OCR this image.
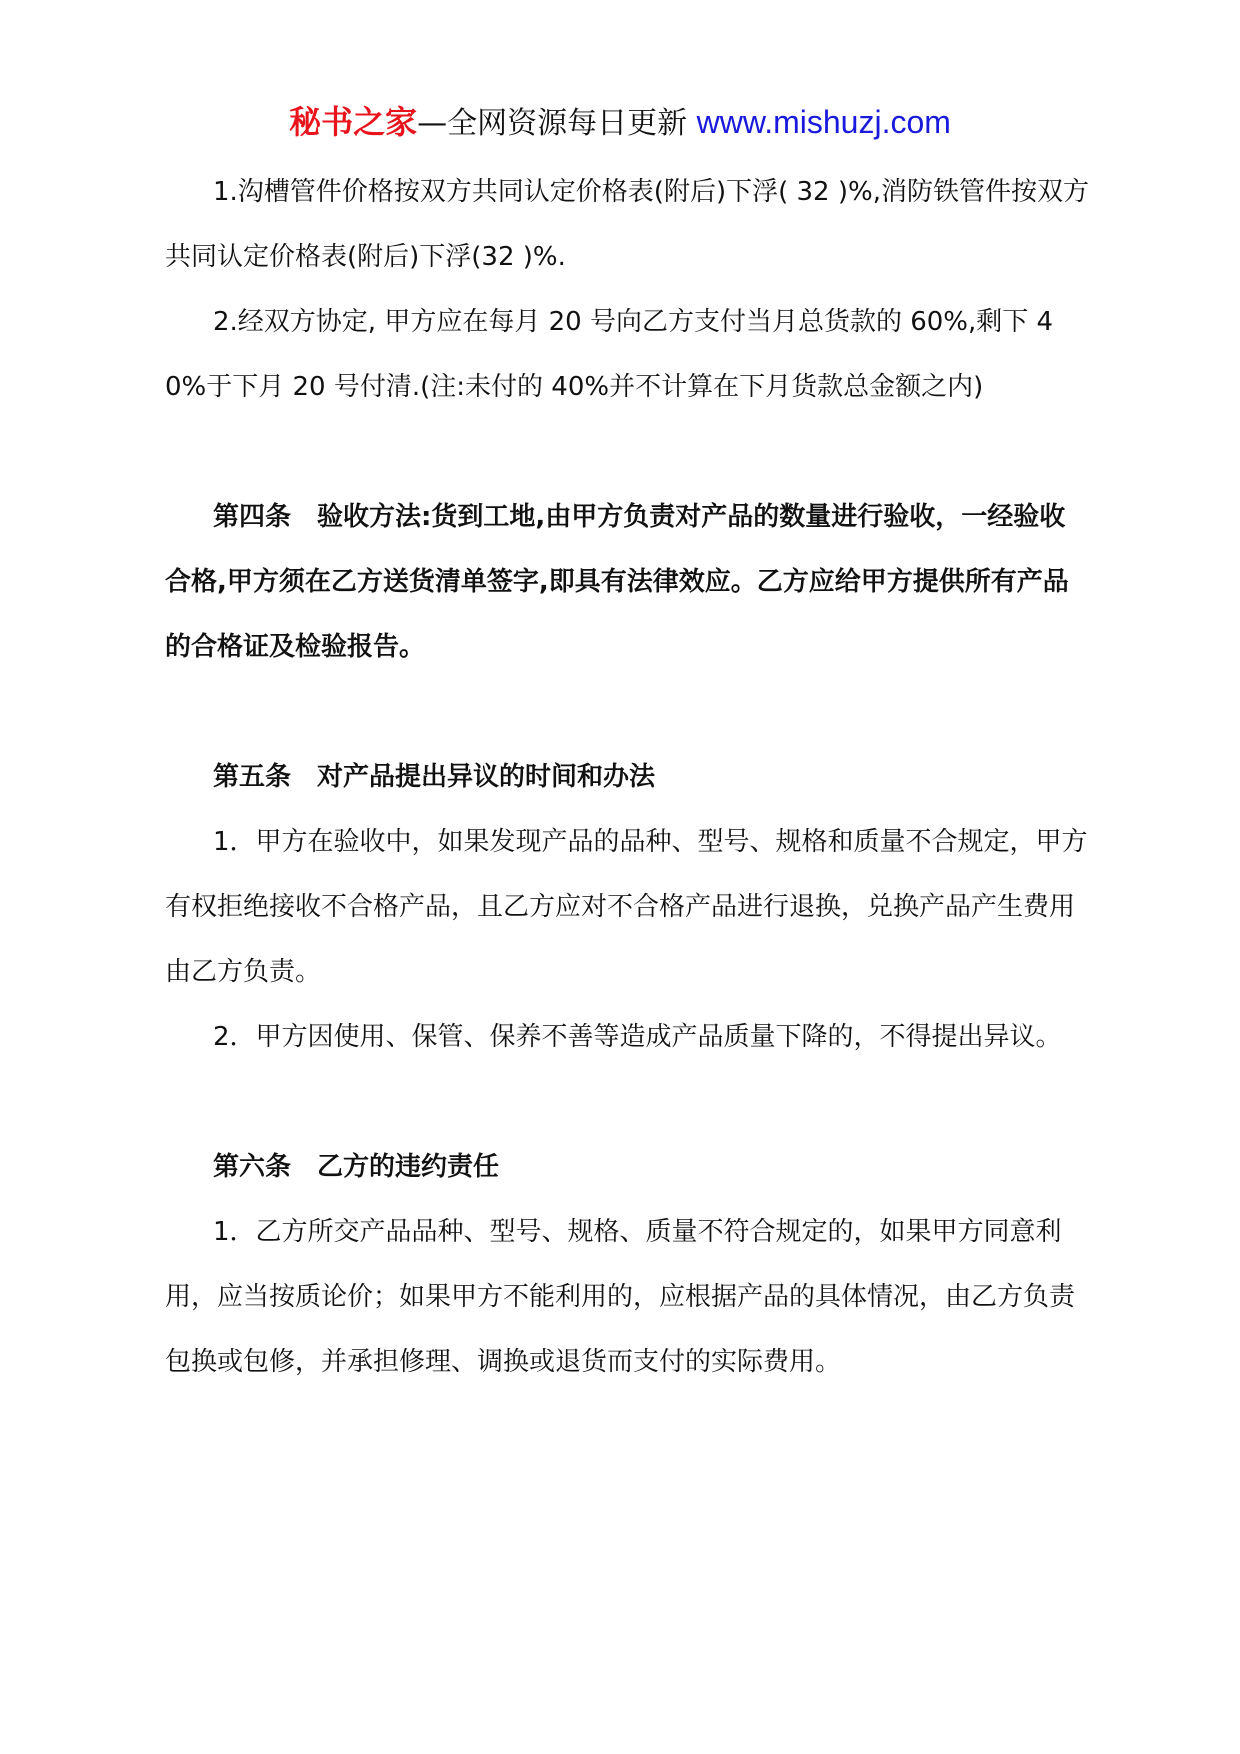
秘书之家—全网资源每日更新 www.mishuzj.com

1.沟槽管件价格按双方共同认定价格表(附后)下浮( 32 )%,消防铁管件按双方共同认定价格表(附后)下浮(32 )%.

2.经双方协定, 甲方应在每月 20 号向乙方支付当月总货款的 60%,剩下 40%于下月 20 号付清.(注:未付的 40%并不计算在下月货款总金额之内)

第四条　验收方法:货到工地,由甲方负责对产品的数量进行验收，一经验收合格,甲方须在乙方送货清单签字,即具有法律效应。乙方应给甲方提供所有产品的合格证及检验报告。

第五条　对产品提出异议的时间和办法

1．甲方在验收中，如果发现产品的品种、型号、规格和质量不合规定，甲方有权拒绝接收不合格产品，且乙方应对不合格产品进行退换，兑换产品产生费用由乙方负责。

2．甲方因使用、保管、保养不善等造成产品质量下降的，不得提出异议。

第六条　乙方的违约责任

1．乙方所交产品品种、型号、规格、质量不符合规定的，如果甲方同意利用，应当按质论价；如果甲方不能利用的，应根据产品的具体情况，由乙方负责包换或包修，并承担修理、调换或退货而支付的实际费用。
